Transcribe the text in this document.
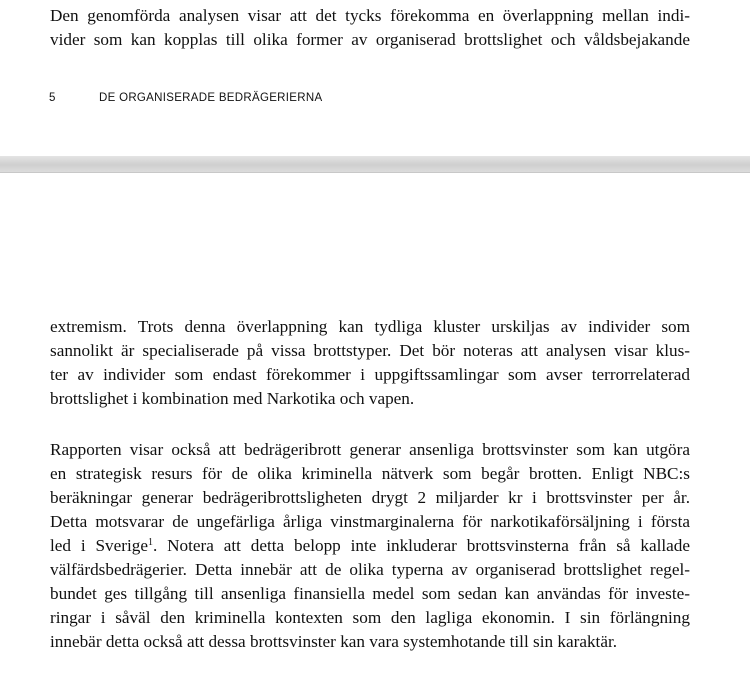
Den genomförda analysen visar att det tycks förekomma en överlappning mellan indi-
vider som kan kopplas till olika former av organiserad brottslighet och våldsbejakande
5	DE ORGANISERADE BEDRÄGERIERNA
extremism. Trots denna överlappning kan tydliga kluster urskiljas av individer som
sannolikt är specialiserade på vissa brottstyper. Det bör noteras att analysen visar klus-
ter av individer som endast förekommer i uppgiftssamlingar som avser terrorrelaterad
brottslighet i kombination med Narkotika och vapen.
Rapporten visar också att bedrägeribrott generar ansenliga brottsvinster som kan utgöra
en strategisk resurs för de olika kriminella nätverk som begår brotten. Enligt NBC:s
beräkningar generar bedrägeribrottsligheten drygt 2 miljarder kr i brottsvinster per år.
Detta motsvarar de ungefärliga årliga vinstmarginalerna för narkotikaförsäljning i första
led i Sverige$^1$. Notera att detta belopp inte inkluderar brottsvinsterna från så kallade
välfärdsbedrägerier. Detta innebär att de olika typerna av organiserad brottslighet regel-
bundet ges tillgång till ansenliga finansiella medel som sedan kan användas för investe-
ringar i såväl den kriminella kontexten som den lagliga ekonomin. I sin förlängning
innebär detta också att dessa brottsvinster kan vara systemhotande till sin karaktär.
